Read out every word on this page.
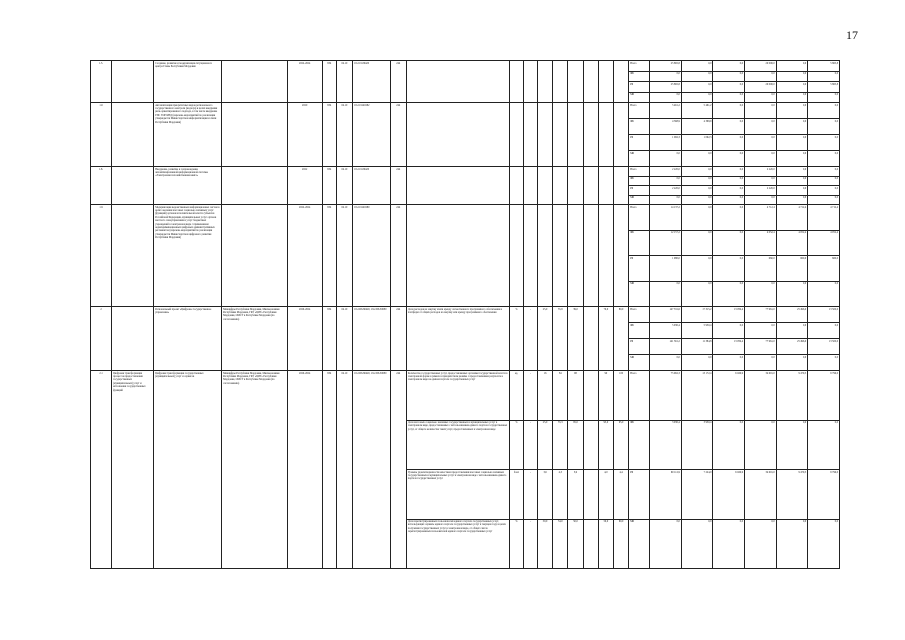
17
1.3.		Создание, развитие и модернизация ситуационного центра Главы Республики Мордовия		2022-2024	834	04.10	18.2.01.80420	244										Всего	25 865,8	0,0	0,0	20 000,0	0,0	5 865,8
																		ФБ	0,0	0,0	0,0	0,0	0,0	0,0
																		РБ	25 865,8	0,0	0,0	20 000,0	0,0	5 865,8
																		МБ	0,0	0,0	0,0	0,0	0,0	0,0
1.6		Автоматизация приоритетных видов регионального государственного контроля (надзора) в целях внедрения риск-ориентированного подхода, в том числе внедрение ГИС ТОР КНД (перечень мероприятий по реализации утверждается Министерством информатизации и связи Республики Мордовия)		2020	834	04.10	18.2.01.R0282	244										Всего	5 461,2	5 461,2	0,0	0,0	0,0	0,0
																		ФБ	4 368,9	4 368,9	0,0	0,0	0,0	0,0
																		РБ	1 092,3	1 092,3	0,0	0,0	0,0	0,0
																		МБ	0,0	0,0	0,0	0,0	0,0	0,0
1.8.		Внедрение, развитие и сопровождение автоматизированной информационной системы «Электронная похозяйственная книга»		2022	834	04.10	18.2.01.80420	244										Всего	2 220,0	0,0	0,0	2 220,0	0,0	0,0
																		ФБ	0,0	0,0	0,0	0,0	0,0	0,0
																		РБ	2 220,0	0,0	0,0	2 220,0	0,0	0,0
																		МБ	0,0	0,0	0,0	0,0	0,0	0,0
1.9		Модернизация ведомственных информационных систем в целях оказания массовых социально значимых услуг (функций) органов исполнительной власти субъектов Российской Федерации, муниципальных услуг органов местного самоуправления и услуг бюджетных учреждений в электронном виде с применением недискриминационных цифровых административных регламентов (перечень мероприятий по реализации утверждается Министерством цифрового развития Республики Мордовия)		2022-2024	834	04.10	18.2.01.R0280	244										Всего	14 137,2	0,0	0,0	4 712,4	4 712,4	4 712,4
																		ФБ	12 157,2	0,0	0,0	4 052,4	4 052,4	4 052,4
																		РБ	1 980,0	0,0	0,0	660,0	660,0	660,0
																		МБ	0,0	0,0	0,0	0,0	0,0	0,0
2		Региональный проект «Цифровое государственное управление»	Минцифры Республики Мордовия, Минэкономики Республики Мордовия, ГКУ «ЦИТ» Республики Мордовия, ОМСУ в Республике Мордовия (по согласованию)	2020-2024	834	04.10	18.2.D6.80420, 18.2.D6.50080	244	Доля расходов на закупку и/или аренду отечественного программного обеспечения и платформ от общих расходов на закупку или аренду программного обеспечения	%	-	25,0	55,8	39,0		70,0	80,0	Всего	147 331,6	17 315,2	13 059,4	77 961,0	25 496,0	13 500,0
																		ФБ	5 930,4	5 930,4	0,0	0,0	0,0	0,0
																		РБ	141 561,2	11 384,8	13 059,4	77 961,0	25 496,0	13 500,0
																		МБ	0,0	0,0	0,0	0,0	0,0	0,0
2.1	Цифровая трансформация процессов предоставления государственных (муниципальных) услуг и исполнения государственных функций	Цифровая трансформация государственных (муниципальных) услуг и сервисов	Минцифры Республики Мордовия, Минэкономики Республики Мордовия, ГКУ «ЦИТ» Республики Мордовия, ОМСУ в Республике Мордовия (по согласованию)	2020-2024	834	04.10	18.2.D6.80420, 18.2.D6.50080	244	Количество государственных услуг, предоставляемых органами государственной власти в электронной форме в рамках в приоритетном режиме с предоставлением результата в электронном виде на едином портале государственных услуг	ед.	-	16	84	98		90	100	Всего	75 962,3	13 172,4	6 026,9	34 601,0	9 479,5	9 796,0
									Доля массовых социально значимых государственных и муниципальных услуг в электронном виде, предоставляемых с использованием единого портала государственных услуг, от общего количества таких услуг, предоставленных в электронном виде	%	-	25,0	55,3	95,0		95,0	95,0	ФБ	3 930,4	3 930,4	0,0	0,0	0,0	0,0
									Уровень удовлетворенности качеством предоставления массовых социально значимых государственных и муниципальных услуг в электронном виде с использованием единого портала государственных услуг	балл	-	3,6	4,3	3,9		4,0	4,4	РБ	69 112,9	7 224,0	6 026,9	34 601,0	9 479,5	9 796,0
									Доля зарегистрированных пользователей единого портала государственных услуг, использующих сервисы единого портала государственных услуг в текущем году в целях получения государственных услуг в электронном виде, от общего числа зарегистрированных пользователей единого портала государственных услуг	%	-	50,0	54,0	50,0		50,0	60,0	МБ	0,0	0,0	0,0	0,0	0,0	0,0
